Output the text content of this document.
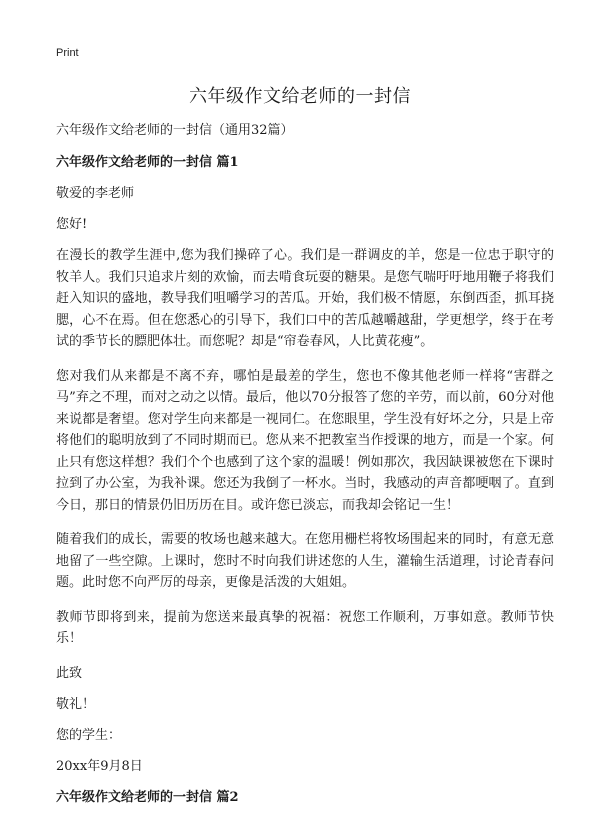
Print
六年级作文给老师的一封信

六年级作文给老师的一封信（通用32篇）

六年级作文给老师的一封信 篇1

敬爱的李老师

您好!

在漫长的教学生涯中,您为我们操碎了心。我们是一群调皮的羊，您是一位忠于职守的牧羊人。我们只追求片刻的欢愉，而去啃食玩耍的糖果。是您气喘吁吁地用鞭子将我们赶入知识的盛地，教导我们咀嚼学习的苦瓜。开始，我们极不情愿，东倒西歪，抓耳挠腮，心不在焉。但在您悉心的引导下，我们口中的苦瓜越嚼越甜，学更想学，终于在考试的季节长的膘肥体壮。而您呢？却是“帘卷春风，人比黄花瘦”。

您对我们从来都是不离不弃，哪怕是最差的学生，您也不像其他老师一样将“害群之马”弃之不理，而对之动之以情。最后，他以70分报答了您的辛劳，而以前，60分对他来说都是奢望。您对学生向来都是一视同仁。在您眼里，学生没有好坏之分，只是上帝将他们的聪明放到了不同时期而已。您从来不把教室当作授课的地方，而是一个家。何止只有您这样想？我们个个也感到了这个家的温暖！例如那次，我因缺课被您在下课时拉到了办公室，为我补课。您还为我倒了一杯水。当时，我感动的声音都哽咽了。直到今日，那日的情景仍旧历历在目。或许您已淡忘，而我却会铭记一生！

随着我们的成长，需要的牧场也越来越大。在您用栅栏将牧场围起来的同时，有意无意地留了一些空隙。上课时，您时不时向我们讲述您的人生，灌输生活道理，讨论青春问题。此时您不向严厉的母亲，更像是活泼的大姐姐。

教师节即将到来，提前为您送来最真挚的祝福：祝您工作顺利，万事如意。教师节快乐！

此致

敬礼！

您的学生：

20xx年9月8日

六年级作文给老师的一封信 篇2
